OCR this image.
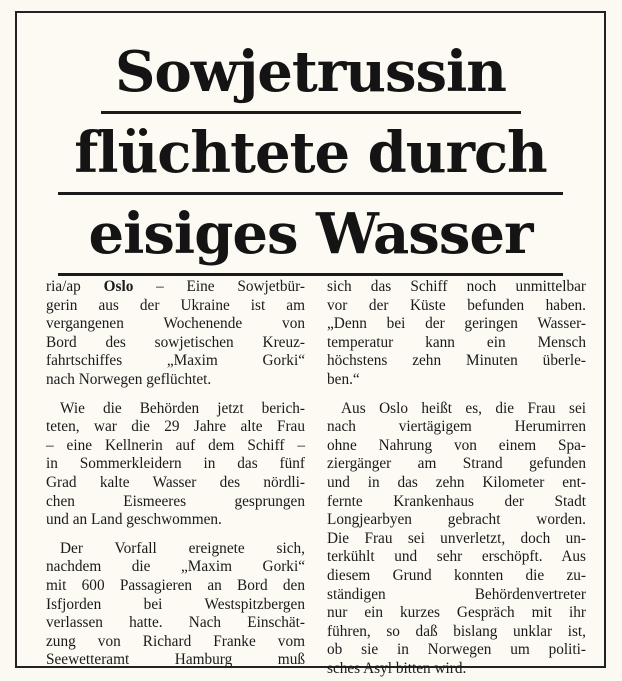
Sowjetrussin
flüchtete durch
eisiges Wasser

ria/ap Oslo – Eine Sowjetbür-
gerin aus der Ukraine ist am
vergangenen Wochenende von
Bord des sowjetischen Kreuz-
fahrtschiffes „Maxim Gorki“
nach Norwegen geflüchtet.

Wie die Behörden jetzt berich-
teten, war die 29 Jahre alte Frau
– eine Kellnerin auf dem Schiff –
in Sommerkleidern in das fünf
Grad kalte Wasser des nördli-
chen Eismeeres gesprungen
und an Land geschwommen.

Der Vorfall ereignete sich,
nachdem die „Maxim Gorki“
mit 600 Passagieren an Bord den
Isfjorden bei Westspitzbergen
verlassen hatte. Nach Einschät-
zung von Richard Franke vom
Seewetteramt Hamburg muß

sich das Schiff noch unmittelbar
vor der Küste befunden haben.
„Denn bei der geringen Wasser-
temperatur kann ein Mensch
höchstens zehn Minuten überle-
ben.“

Aus Oslo heißt es, die Frau sei
nach viertägigem Herumirren
ohne Nahrung von einem Spa-
ziergänger am Strand gefunden
und in das zehn Kilometer ent-
fernte Krankenhaus der Stadt
Longjearbyen gebracht worden.
Die Frau sei unverletzt, doch un-
terkühlt und sehr erschöpft. Aus
diesem Grund konnten die zu-
ständigen Behördenvertreter
nur ein kurzes Gespräch mit ihr
führen, so daß bislang unklar ist,
ob sie in Norwegen um politi-
sches Asyl bitten wird.
